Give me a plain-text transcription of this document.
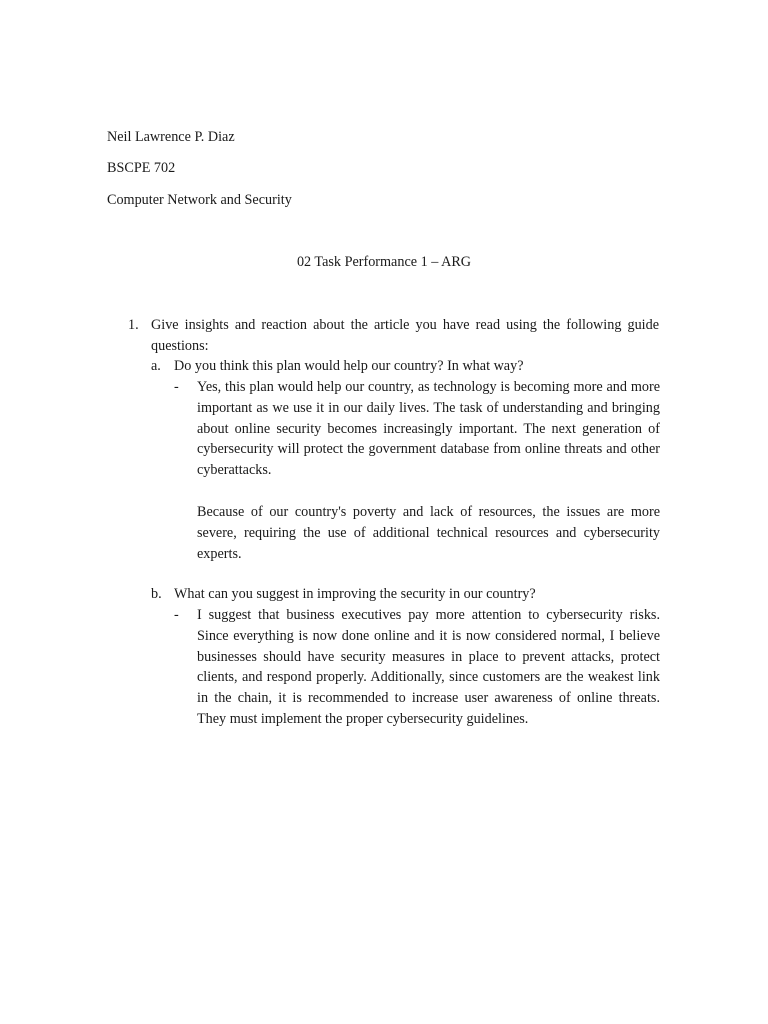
Neil Lawrence P. Diaz
BSCPE 702
Computer Network and Security
02 Task Performance 1 – ARG
1. Give insights and reaction about the article you have read using the following guide questions:
a. Do you think this plan would help our country? In what way?
- Yes, this plan would help our country, as technology is becoming more and more important as we use it in our daily lives. The task of understanding and bringing about online security becomes increasingly important. The next generation of cybersecurity will protect the government database from online threats and other cyberattacks.
Because of our country's poverty and lack of resources, the issues are more severe, requiring the use of additional technical resources and cybersecurity experts.
b. What can you suggest in improving the security in our country?
- I suggest that business executives pay more attention to cybersecurity risks. Since everything is now done online and it is now considered normal, I believe businesses should have security measures in place to prevent attacks, protect clients, and respond properly. Additionally, since customers are the weakest link in the chain, it is recommended to increase user awareness of online threats. They must implement the proper cybersecurity guidelines.
